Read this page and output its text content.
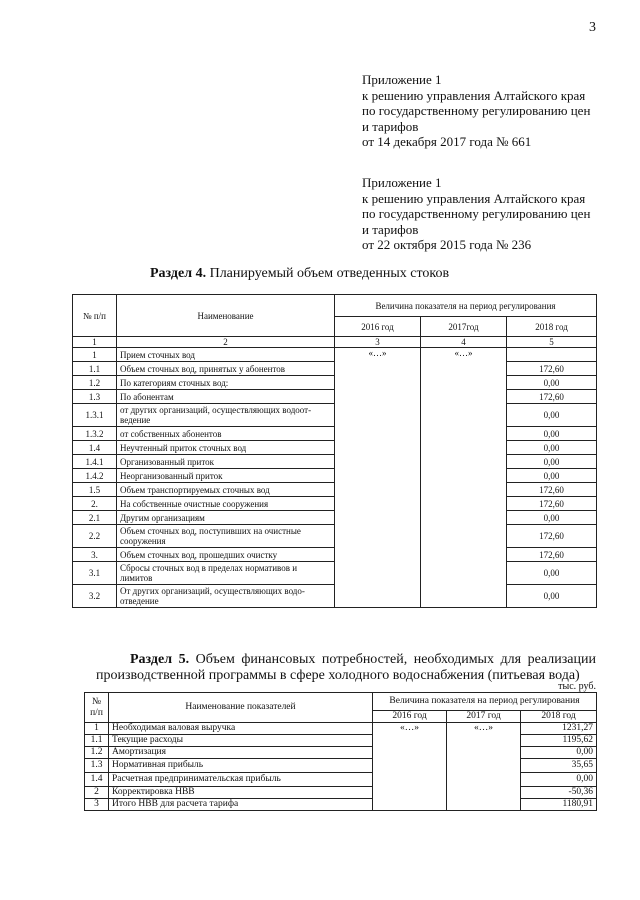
3
Приложение 1
к решению управления Алтайского края
по государственному регулированию цен
и тарифов
от 14 декабря 2017 года № 661
Приложение 1
к решению управления Алтайского края
по государственному регулированию цен
и тарифов
от 22 октября 2015 года № 236
Раздел 4. Планируемый объем отведенных стоков
№ п/п	Наименование	Величина показателя на период регулирования		
		2016 год	2017год	2018 год
1	2	3	4	5
1	Прием сточных вод	«…»	«…»	
1.1	Объем сточных вод, принятых у абонентов			172,60
1.2	По категориям сточных вод:			0,00
1.3	По абонентам			172,60
1.3.1	от других организаций, осуществляющих водоот- ведение			0,00
1.3.2	от собственных абонентов			0,00
1.4	Неучтенный приток сточных вод			0,00
1.4.1	Организованный приток			0,00
1.4.2	Неорганизованный приток			0,00
1.5	Объем транспортируемых сточных вод			172,60
2.	На собственные очистные сооружения			172,60
2.1	Другим организациям			0,00
2.2	Объем сточных вод, поступивших на очистные сооружения			172,60
3.	Объем сточных вод, прошедших очистку			172,60
3.1	Сбросы сточных вод в пределах нормативов и лимитов			0,00
3.2	От других организаций, осуществляющих водо- отведение			0,00
Раздел 5. Объем финансовых потребностей, необходимых для реализации производственной программы в сфере холодного водоснабжения (питьевая вода)
тыс. руб.
№ п/п	Наименование показателей	Величина показателя на период регулирования		
		2016 год	2017 год	2018 год
1	Необходимая валовая выручка	«…»	«…»	1231,27
1.1	Текущие расходы			1195,62
1.2	Амортизация			0,00
1.3	Нормативная прибыль			35,65
1.4	Расчетная предпринимательская прибыль			0,00
2	Корректировка НВВ			-50,36
3	Итого НВВ для расчета тарифа			1180,91
